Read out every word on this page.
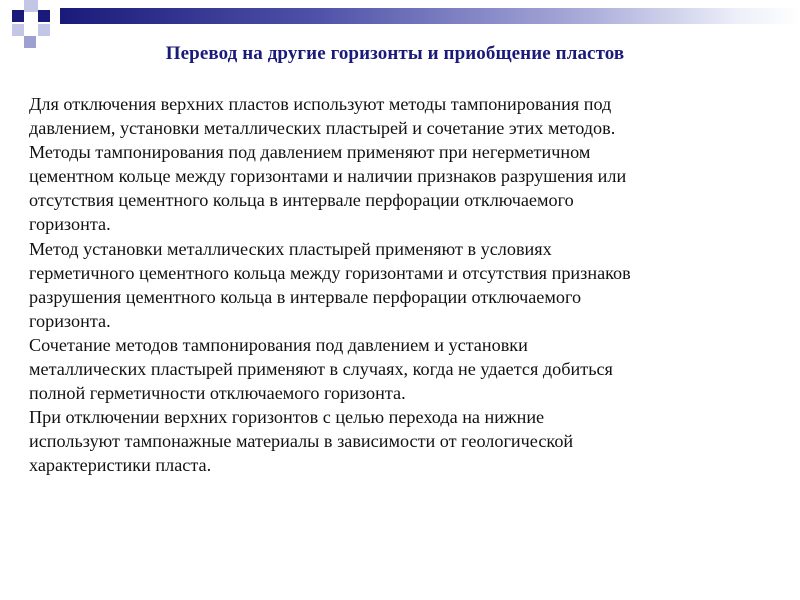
Перевод на другие горизонты и приобщение пластов

Для отключения верхних пластов используют методы тампонирования под

давлением, установки металлических пластырей и сочетание этих методов.

Методы тампонирования под давлением применяют при негерметичном

цементном кольце между горизонтами и наличии признаков разрушения или

отсутствия цементного кольца в интервале перфорации отключаемого

горизонта.

Метод установки металлических пластырей применяют в условиях

герметичного цементного кольца между горизонтами и отсутствия признаков

разрушения цементного кольца в интервале перфорации отключаемого

горизонта.

Сочетание методов тампонирования под давлением и установки

металлических пластырей применяют в случаях, когда не удается добиться

полной герметичности отключаемого горизонта.

При отключении верхних горизонтов с целью перехода на нижние

используют тампонажные материалы в зависимости от геологической

характеристики пласта.
